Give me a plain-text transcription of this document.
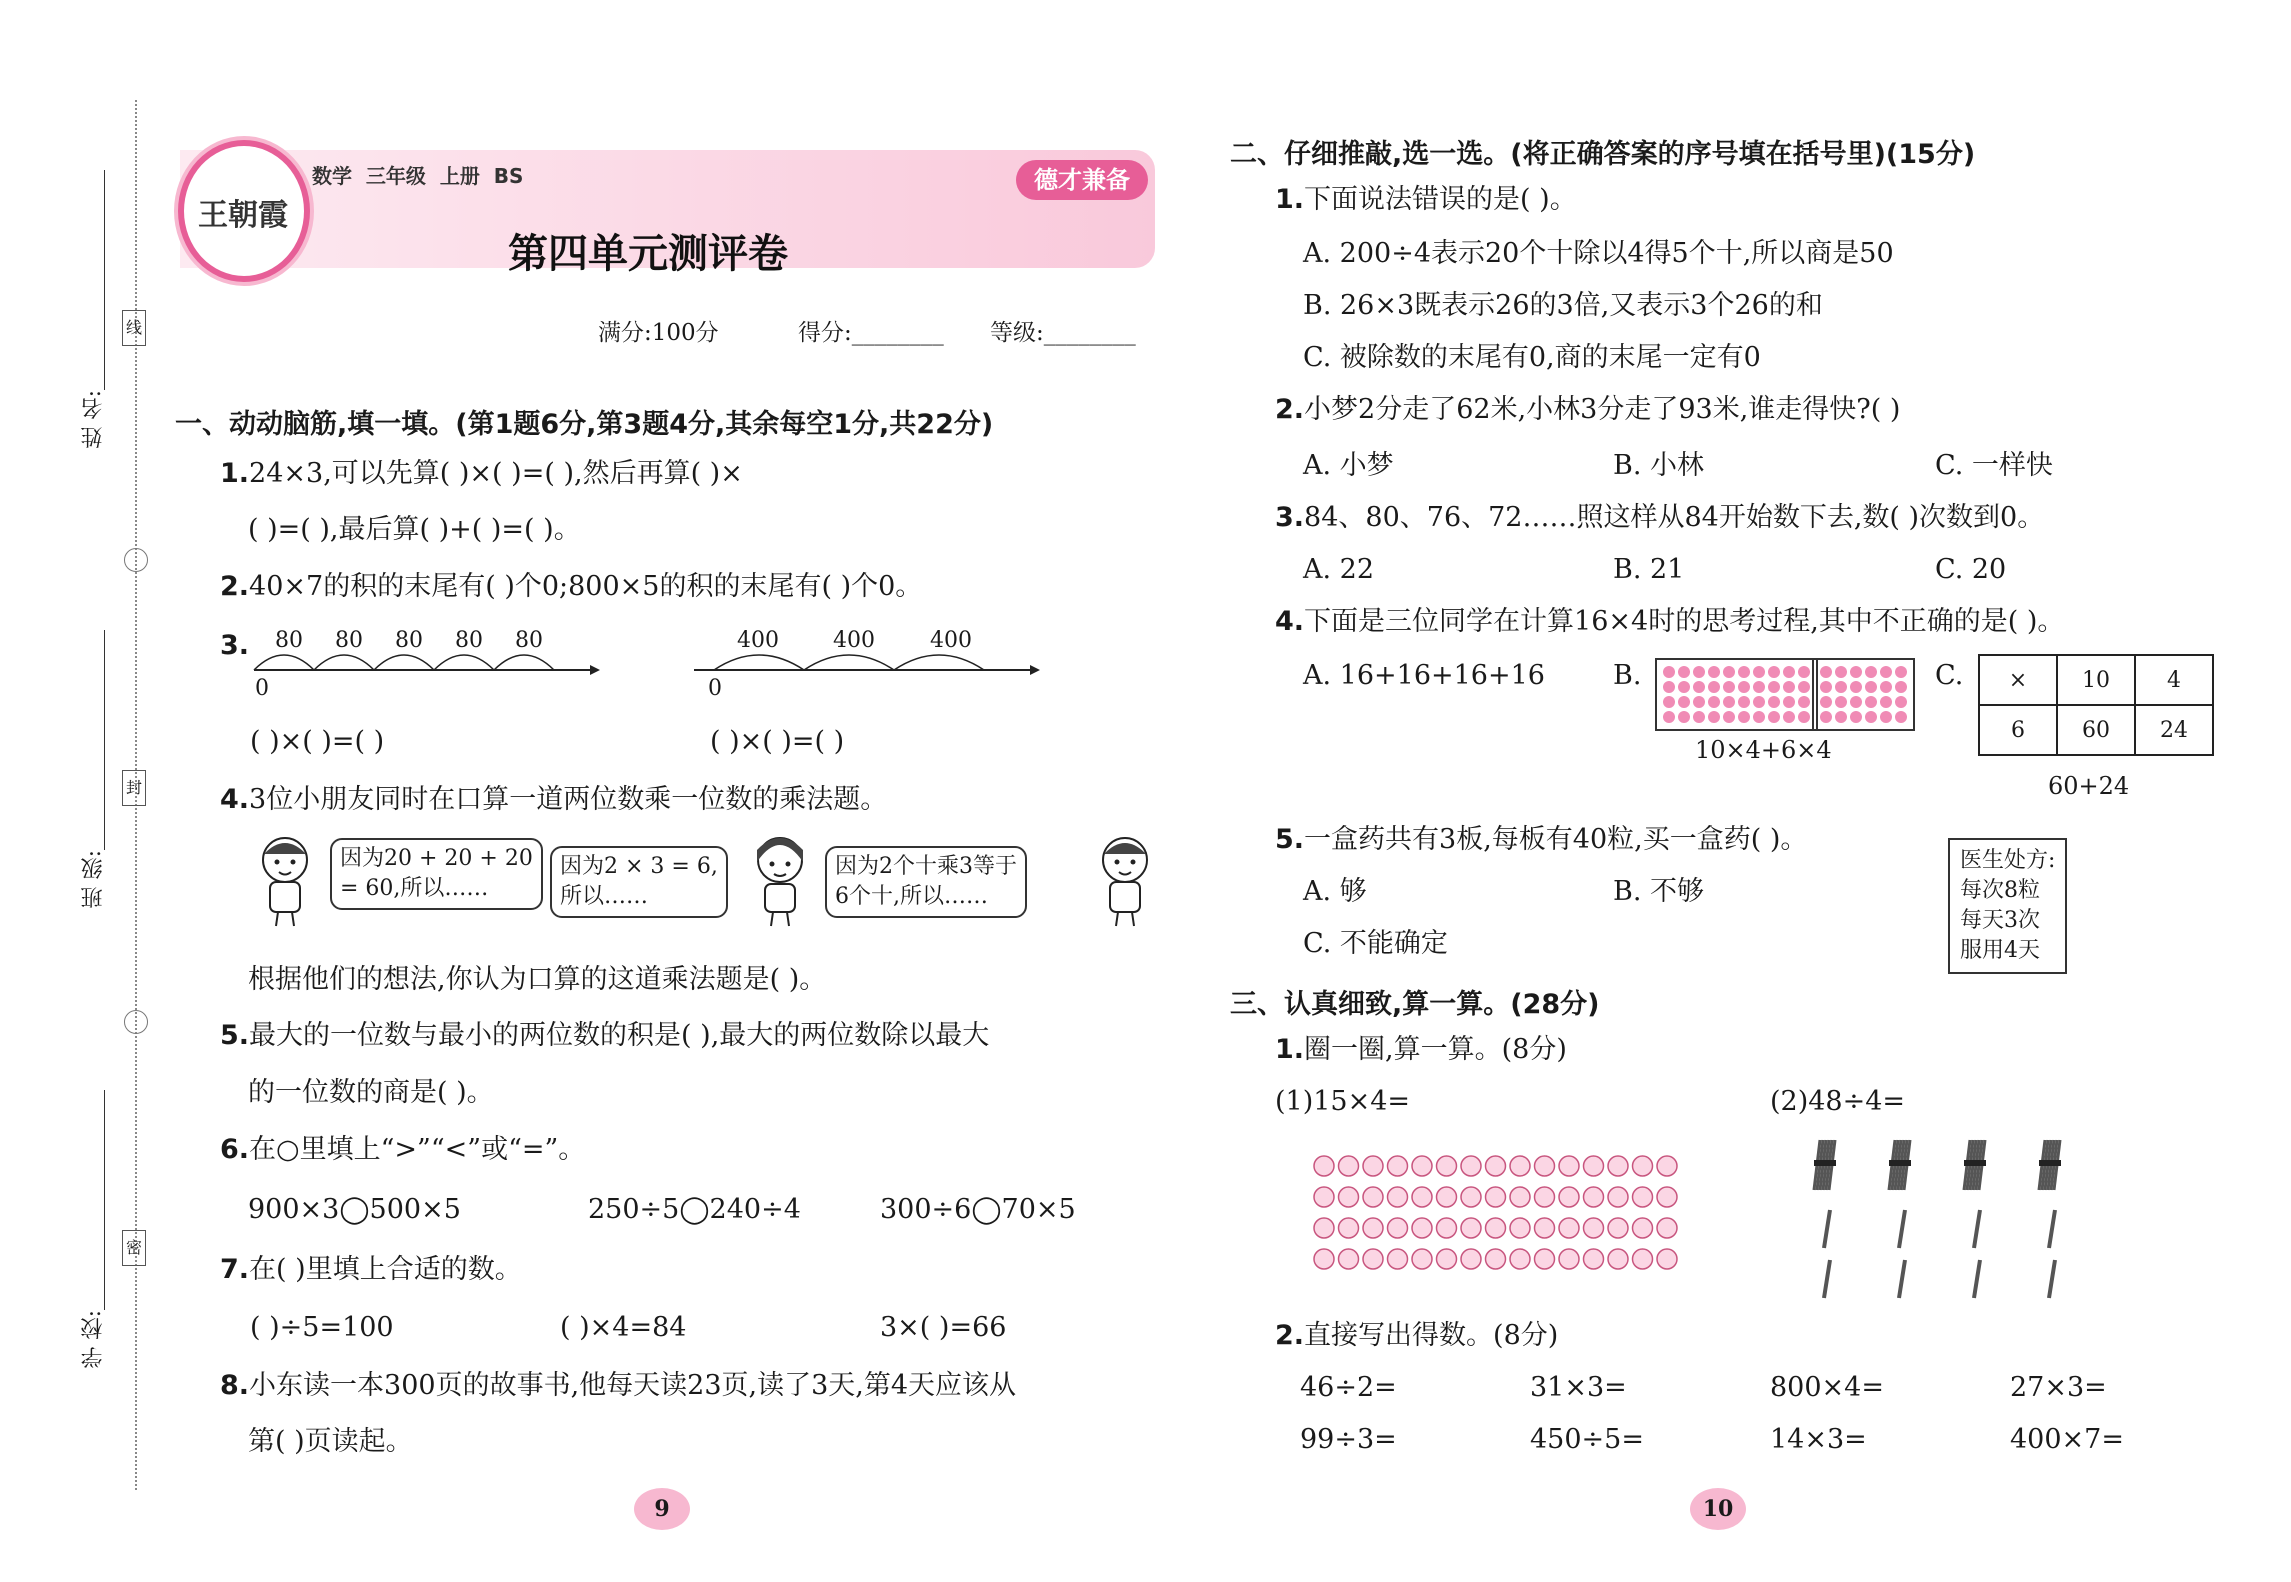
姓 名:
班 级:
学 校:
线
封
密
王朝霞
数学  三年级  上册  BS
第四单元测评卷
德才兼备
满分:100分	得分:________ 等级:________
一、动动脑筋,填一填。(第1题6分,第3题4分,其余每空1分,共22分)
1.24×3,可以先算( )×( )=( ),然后再算( )×
( )=( ),最后算( )+( )=( )。
2.40×7的积的末尾有( )个0;800×5的积的末尾有( )个0。
3. 80 80 80 80 80
0
400 400	400
0
( )×( )=( )	( )×( )=( )
4.3位小朋友同时在口算一道两位数乘一位数的乘法题。
因为20 + 20 + 20
= 60,所以……
因为2 × 3 = 6,
所以……
因为2个十乘3等于
6个十,所以……
根据他们的想法,你认为口算的这道乘法题是( )。
5.最大的一位数与最小的两位数的积是( ),最大的两位数除以最大
的一位数的商是( )。
6.在○里填上“>”“<”或“=”。
900×3◯500×5	250÷5◯240÷4	300÷6◯70×5
7.在( )里填上合适的数。
( )÷5=100	( )×4=84	3×( )=66
8.小东读一本300页的故事书,他每天读23页,读了3天,第4天应该从
第( )页读起。
9
二、仔细推敲,选一选。(将正确答案的序号填在括号里)(15分)
1.下面说法错误的是( )。
A. 200÷4表示20个十除以4得5个十,所以商是50
B. 26×3既表示26的3倍,又表示3个26的和
C. 被除数的末尾有0,商的末尾一定有0
2.小梦2分走了62米,小林3分走了93米,谁走得快?( )
A. 小梦	B. 小林	C. 一样快
3.84、80、76、72……照这样从84开始数下去,数( )次数到0。
A. 22	B. 21	C. 20
4.下面是三位同学在计算16×4时的思考过程,其中不正确的是( )。
A. 16+16+16+16	B.
10×4+6×4
C. ×	10	4
6	60	24
60+24
5.一盒药共有3板,每板有40粒,买一盒药( )。
A. 够	B. 不够
C. 不能确定
医生处方:
每次8粒
每天3次
服用4天
三、认真细致,算一算。(28分)
1.圈一圈,算一算。(8分)
(1)15×4=	(2)48÷4=
2.直接写出得数。(8分)
46÷2=	31×3=	800×4=	27×3=
99÷3=	450÷5=	14×3=	400×7=
10
